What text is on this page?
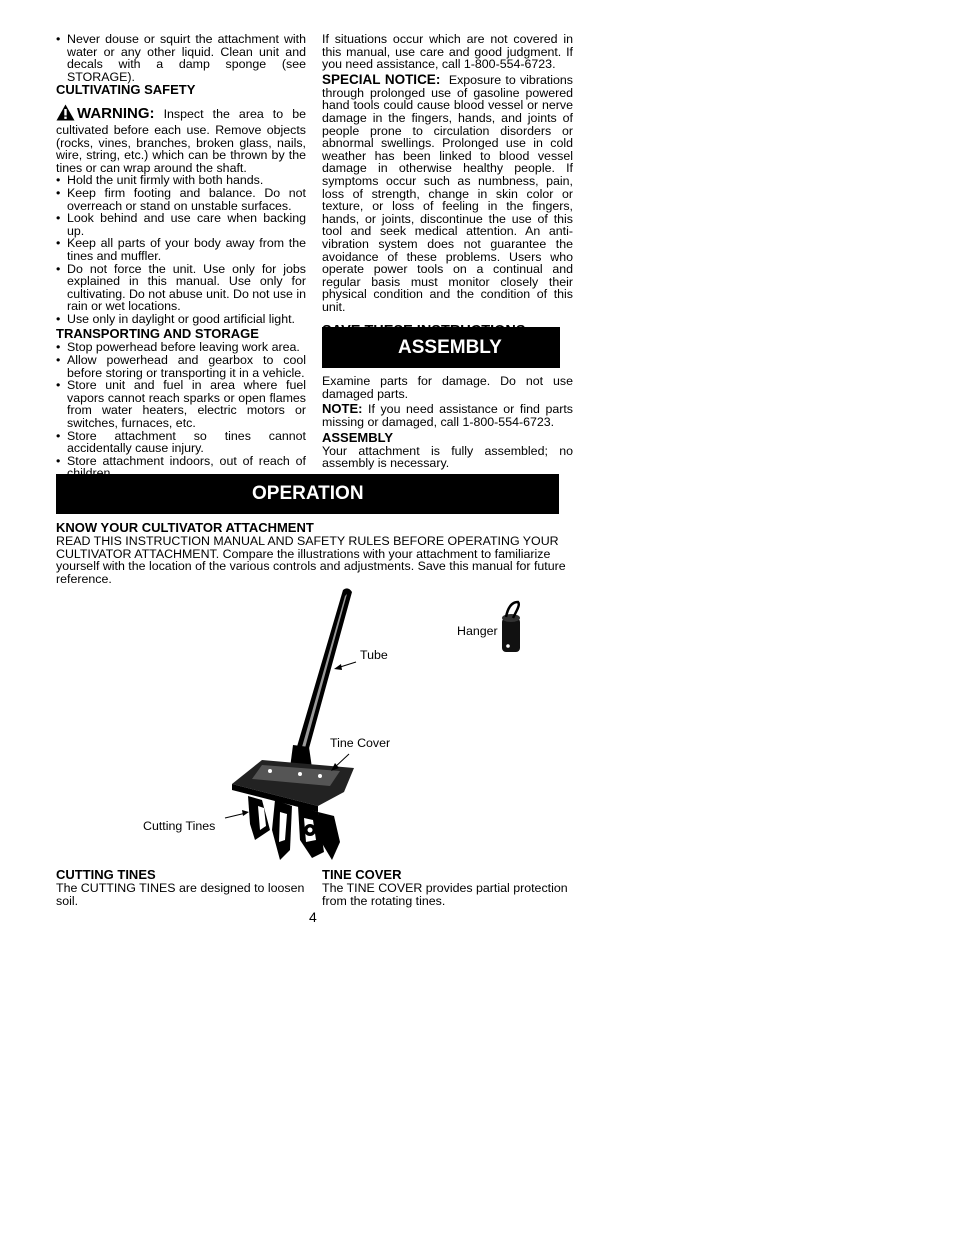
• Never douse or squirt the attachment with water or any other liquid. Clean unit and decals with a damp sponge (see STORAGE).

CULTIVATING SAFETY

WARNING: Inspect the area to be cultivated before each use. Remove objects (rocks, vines, branches, broken glass, nails, wire, string, etc.) which can be thrown by the tines or can wrap around the shaft.

• Hold the unit firmly with both hands.
• Keep firm footing and balance. Do not overreach or stand on unstable surfaces.
• Look behind and use care when backing up.
• Keep all parts of your body away from the tines and muffler.
• Do not force the unit. Use only for jobs explained in this manual. Use only for cultivating. Do not abuse unit. Do not use in rain or wet locations.
• Use only in daylight or good artificial light.

TRANSPORTING AND STORAGE

• Stop powerhead before leaving work area.
• Allow powerhead and gearbox to cool before storing or transporting it in a vehicle.
• Store unit and fuel in area where fuel vapors cannot reach sparks or open flames from water heaters, electric motors or switches, furnaces, etc.
• Store attachment so tines cannot accidentally cause injury.
• Store attachment indoors, out of reach of

If situations occur which are not covered in this manual, use care and good judgment. If you need assistance, call 1-800-554-6723.

SPECIAL NOTICE: Exposure to vibrations through prolonged use of gasoline powered hand tools could cause blood vessel or nerve damage in the fingers, hands, and joints of people prone to circulation disorders or abnormal swellings. Prolonged use in cold weather has been linked to blood vessel damage in otherwise healthy people. If symptoms occur such as numbness, pain, loss of strength, change in skin color or texture, or loss of feeling in the fingers, hands, or joints, discontinue the use of this tool and seek medical attention. An anti-vibration system does not guarantee the avoidance of these problems. Users who operate power tools on a continual and regular basis must monitor closely their physical condition and the condition of this unit.

ASSEMBLY

Examine parts for damage. Do not use damaged parts.

NOTE: If you need assistance or find parts missing or damaged, call 1-800-554-6723.

ASSEMBLY

Your attachment is fully assembled; no assembly is necessary.

OPERATION

KNOW YOUR CULTIVATOR ATTACHMENT

READ THIS INSTRUCTION MANUAL AND SAFETY RULES BEFORE OPERATING YOUR CULTIVATOR ATTACHMENT. Compare the illustrations with your attachment to familiarize yourself with the location of the various controls and adjustments. Save this manual for future reference.

Hanger
Tube
Tine Cover
Cutting Tines

CUTTING TINES

The CUTTING TINES are designed to loosen soil.

TINE COVER

The TINE COVER provides partial protection from the rotating tines.

4
